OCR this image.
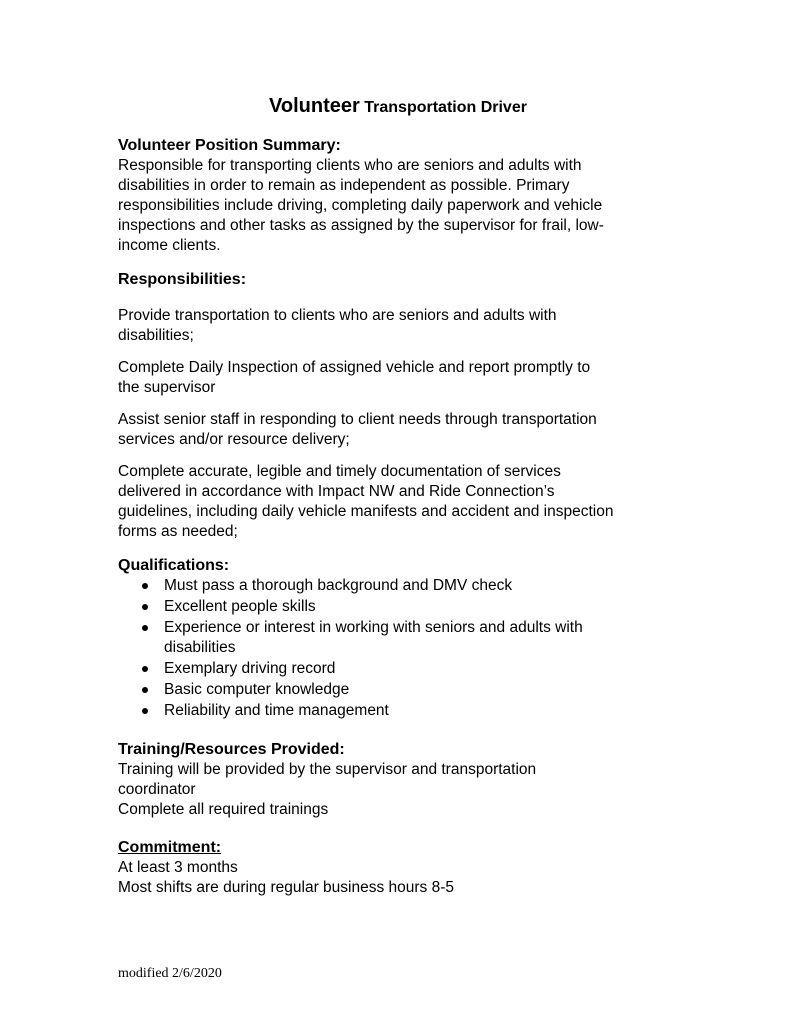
Volunteer Transportation Driver
Volunteer Position Summary:
Responsible for transporting clients who are seniors and adults with
disabilities in order to remain as independent as possible. Primary
responsibilities include driving, completing daily paperwork and vehicle
inspections and other tasks as assigned by the supervisor for frail, low-
income clients.
Responsibilities:
Provide transportation to clients who are seniors and adults with
disabilities;
Complete Daily Inspection of assigned vehicle and report promptly to
the supervisor
Assist senior staff in responding to client needs through transportation
services and/or resource delivery;
Complete accurate, legible and timely documentation of services
delivered in accordance with Impact NW and Ride Connection’s
guidelines, including daily vehicle manifests and accident and inspection
forms as needed;
Qualifications:
Must pass a thorough background and DMV check
Excellent people skills
Experience or interest in working with seniors and adults with
disabilities
Exemplary driving record
Basic computer knowledge
Reliability and time management
Training/Resources Provided:
Training will be provided by the supervisor and transportation
coordinator
Complete all required trainings
Commitment:
At least 3 months
Most shifts are during regular business hours 8-5
modified 2/6/2020
